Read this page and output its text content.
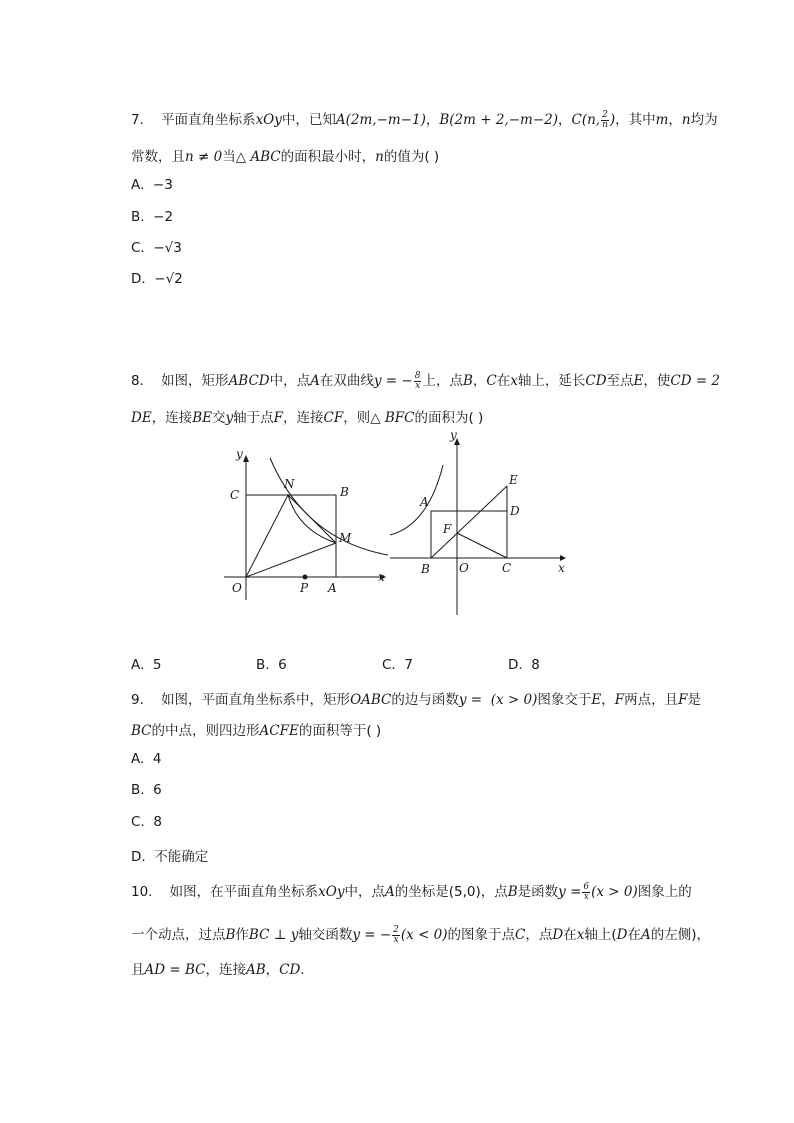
7. 平面直角坐标系xOy中，已知A(2m,−m−1)，B(2m + 2,−m−2)，C(n, $\frac{2}{n}$ )，其中m，n均为
常数，且n ≠ 0当△ ABC的面积最小时，n的值为( )
A. −3
B. −2
C. −√3
D. −√2
8. 如图，矩形ABCD中，点A在双曲线y = − $\frac{8}{x}$ 上，点B，C在x轴上，延长CD至点E，使CD = 2
DE，连接BE交y轴于点F，连接CF，则△ BFC的面积为( )
y
x
C
N
B
M
O	P A
y
x
A
E
D
F
B O	C
A. 5	B. 6	C. 7	D. 8
9. 如图，平面直角坐标系中，矩形OABC的边与函数y = (x > 0)图象交于E，F两点，且F是
BC的中点，则四边形ACFE的面积等于( )
A. 4
B. 6
C. 8
D. 不能确定
10. 如图，在平面直角坐标系xOy中，点A的坐标是(5,0)，点B是函数$y = \frac{6}{x} (x > 0)$图象上的
一个动点，过点B作BC ⊥ y轴交函数y = − $\frac{2}{x} (x < 0)$的图象于点C，点D在x轴上(D在A的左侧)，
且AD = BC，连接AB，CD.
